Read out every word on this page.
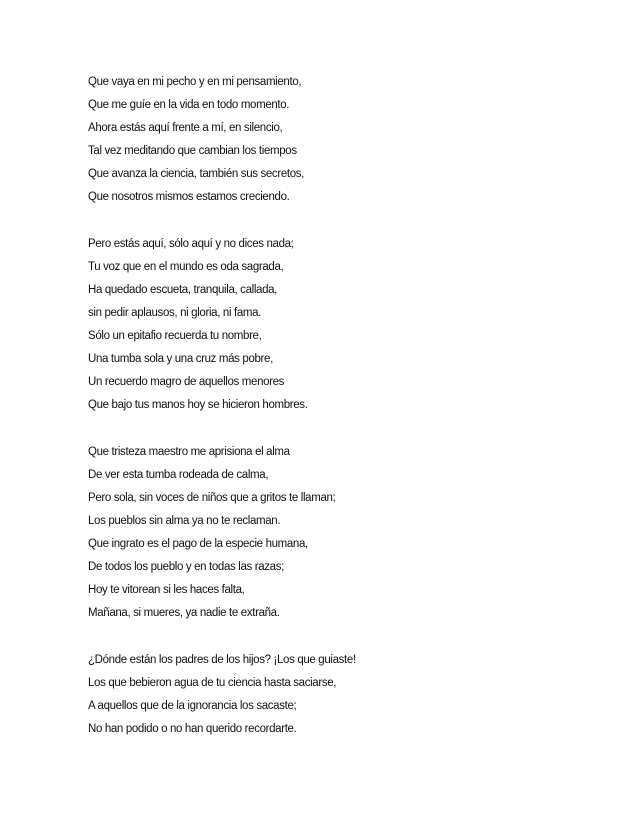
Que vaya en mi pecho y en mi pensamiento,
Que me guíe en la vida en todo momento.
Ahora estás aquí frente a mí, en silencio,
Tal vez meditando que cambian los tiempos
Que avanza la ciencia, también sus secretos,
Que nosotros mismos estamos creciendo.
Pero estás aquí, sólo aquí y no dices nada;
Tu voz que en el mundo es oda sagrada,
Ha quedado escueta, tranquila, callada,
sin pedir aplausos, ni gloria, ni fama.
Sólo un epitafio recuerda tu nombre,
Una tumba sola y una cruz más pobre,
Un recuerdo magro de aquellos menores
Que bajo tus manos hoy se hicieron hombres.
Que tristeza maestro me aprisiona el alma
De ver esta tumba rodeada de calma,
Pero sola, sin voces de niños que a gritos te llaman;
Los pueblos sin alma ya no te reclaman.
Que ingrato es el pago de la especie humana,
De todos los pueblo y en todas las razas;
Hoy te vitorean si les haces falta,
Mañana, si mueres, ya nadie te extraña.
¿Dónde están los padres de los hijos? ¡Los que guiaste!
Los que bebieron agua de tu ciencia hasta saciarse,
A aquellos que de la ignorancia los sacaste;
No han podido o no han querido recordarte.
